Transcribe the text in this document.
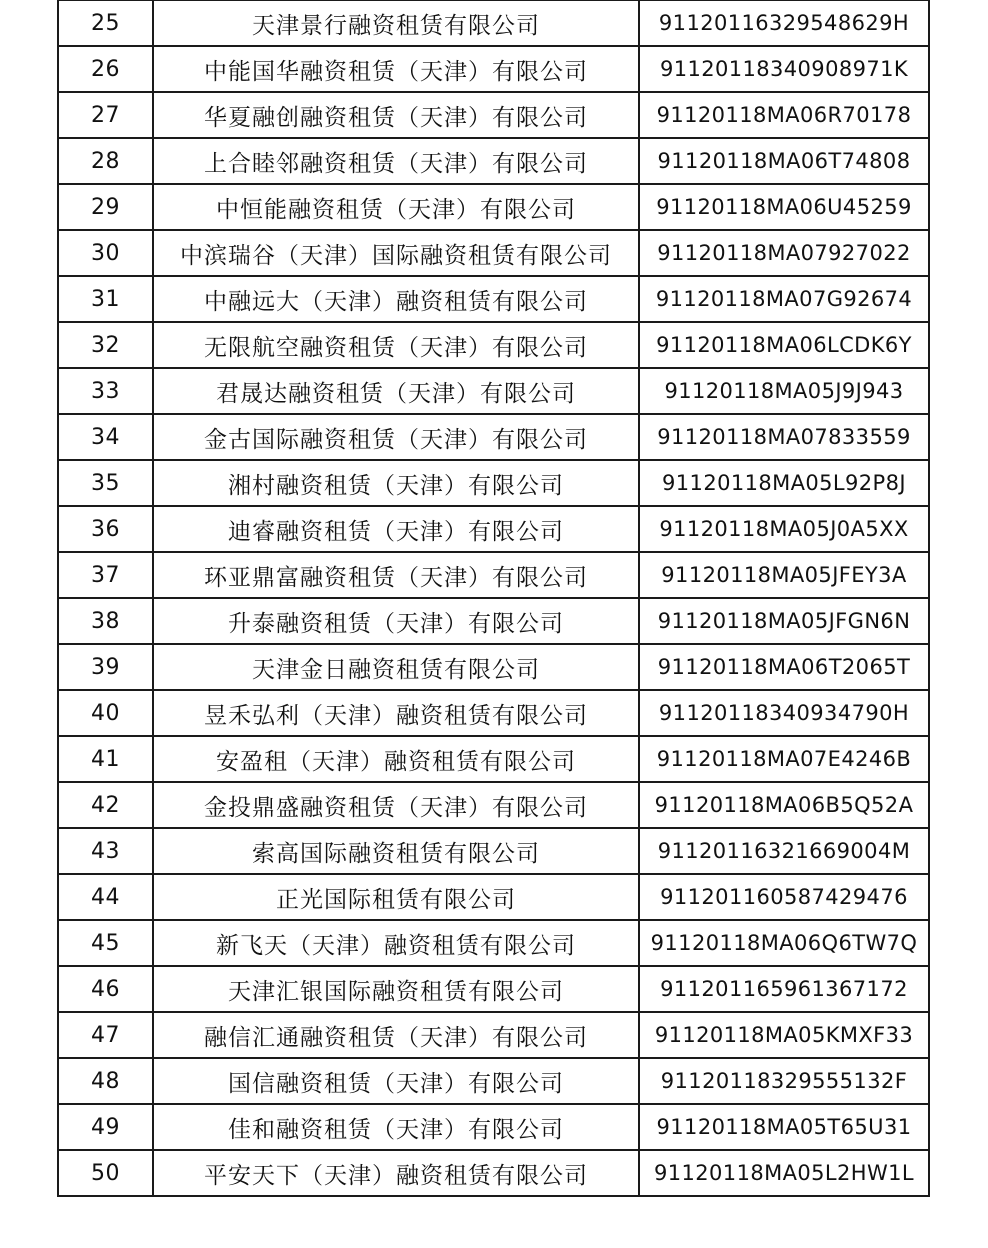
25	天津景行融资租赁有限公司	91120116329548629H
26	中能国华融资租赁（天津）有限公司	91120118340908971K
27	华夏融创融资租赁（天津）有限公司	91120118MA06R70178
28	上合睦邻融资租赁（天津）有限公司	91120118MA06T74808
29	中恒能融资租赁（天津）有限公司	91120118MA06U45259
30	中滨瑞谷（天津）国际融资租赁有限公司	91120118MA07927022
31	中融远大（天津）融资租赁有限公司	91120118MA07G92674
32	无限航空融资租赁（天津）有限公司	91120118MA06LCDK6Y
33	君晟达融资租赁（天津）有限公司	91120118MA05J9J943
34	金古国际融资租赁（天津）有限公司	91120118MA07833559
35	湘村融资租赁（天津）有限公司	91120118MA05L92P8J
36	迪睿融资租赁（天津）有限公司	91120118MA05J0A5XX
37	环亚鼎富融资租赁（天津）有限公司	91120118MA05JFEY3A
38	升泰融资租赁（天津）有限公司	91120118MA05JFGN6N
39	天津金日融资租赁有限公司	91120118MA06T2065T
40	昱禾弘利（天津）融资租赁有限公司	91120118340934790H
41	安盈租（天津）融资租赁有限公司	91120118MA07E4246B
42	金投鼎盛融资租赁（天津）有限公司	91120118MA06B5Q52A
43	索高国际融资租赁有限公司	9112011632166900​4M
44	正光国际租赁有限公司	911201160587429476
45	新飞天（天津）融资租赁有限公司	91120118MA06Q6TW7Q
46	天津汇银国际融资租赁有限公司	911201165961367172
47	融信汇通融资租赁（天津）有限公司	91120118MA05KMXF33
48	国信融资租赁（天津）有限公司	91120118329555132F
49	佳和融资租赁（天津）有限公司	91120118MA05T65U31
50	平安天下（天津）融资租赁有限公司	91120118MA05L2HW1L
